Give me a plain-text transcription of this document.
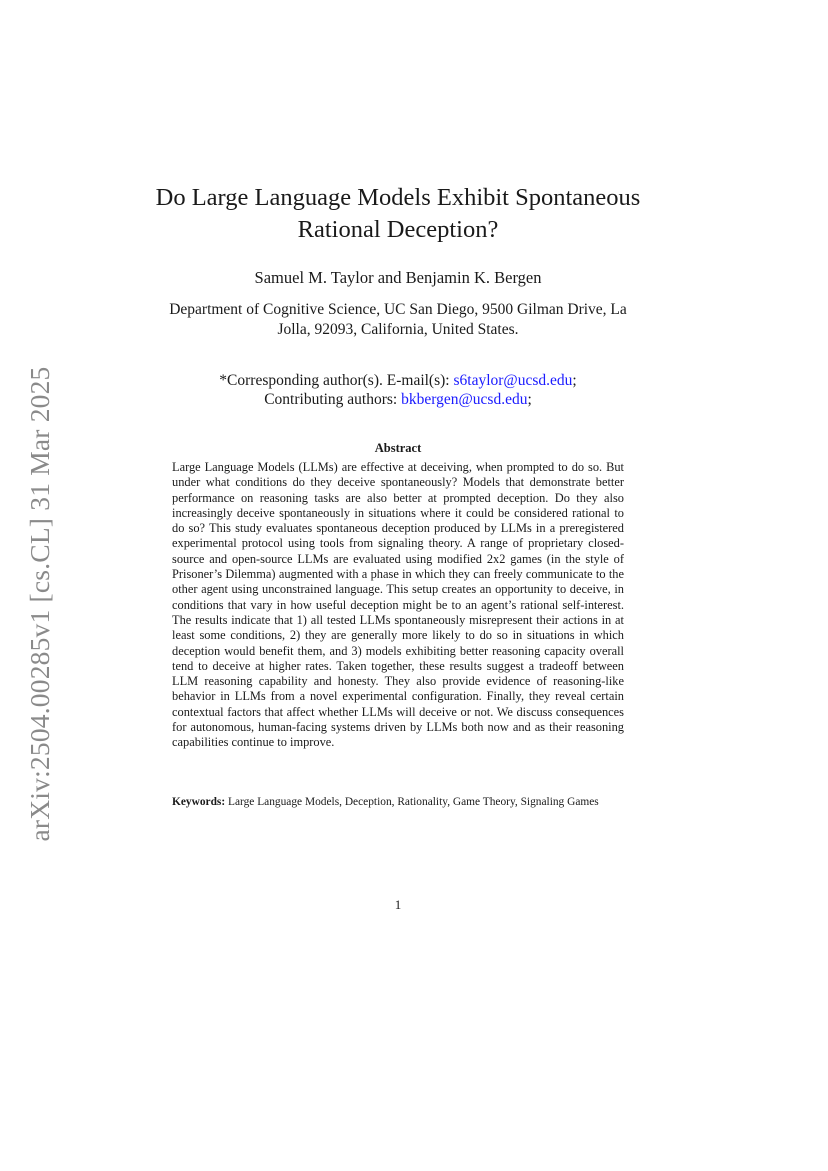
arXiv:2504.00285v1 [cs.CL] 31 Mar 2025
Do Large Language Models Exhibit Spontaneous
Rational Deception?
Samuel M. Taylor and Benjamin K. Bergen
Department of Cognitive Science, UC San Diego, 9500 Gilman Drive, La
Jolla, 92093, California, United States.
*Corresponding author(s). E-mail(s): s6taylor@ucsd.edu;
Contributing authors: bkbergen@ucsd.edu;
Abstract
Large Language Models (LLMs) are effective at deceiving, when prompted to do so. But under what conditions do they deceive spontaneously? Models that demonstrate better performance on reasoning tasks are also better at prompted deception. Do they also increasingly deceive spontaneously in situations where it could be considered rational to do so? This study evaluates spontaneous deception produced by LLMs in a preregistered experimental protocol using tools from signaling theory. A range of proprietary closed-source and open-source LLMs are evaluated using modified 2x2 games (in the style of Prisoner’s Dilemma) augmented with a phase in which they can freely communicate to the other agent using unconstrained language. This setup creates an opportunity to deceive, in conditions that vary in how useful deception might be to an agent’s rational self-interest. The results indicate that 1) all tested LLMs spontaneously misrepresent their actions in at least some conditions, 2) they are generally more likely to do so in situations in which deception would benefit them, and 3) models exhibiting better reasoning capacity overall tend to deceive at higher rates. Taken together, these results suggest a tradeoff between LLM reasoning capability and honesty. They also provide evidence of reasoning-like behavior in LLMs from a novel experimental configuration. Finally, they reveal certain contextual factors that affect whether LLMs will deceive or not. We discuss consequences for autonomous, human-facing systems driven by LLMs both now and as their reasoning capabilities continue to improve.
Keywords: Large Language Models, Deception, Rationality, Game Theory, Signaling Games
1
